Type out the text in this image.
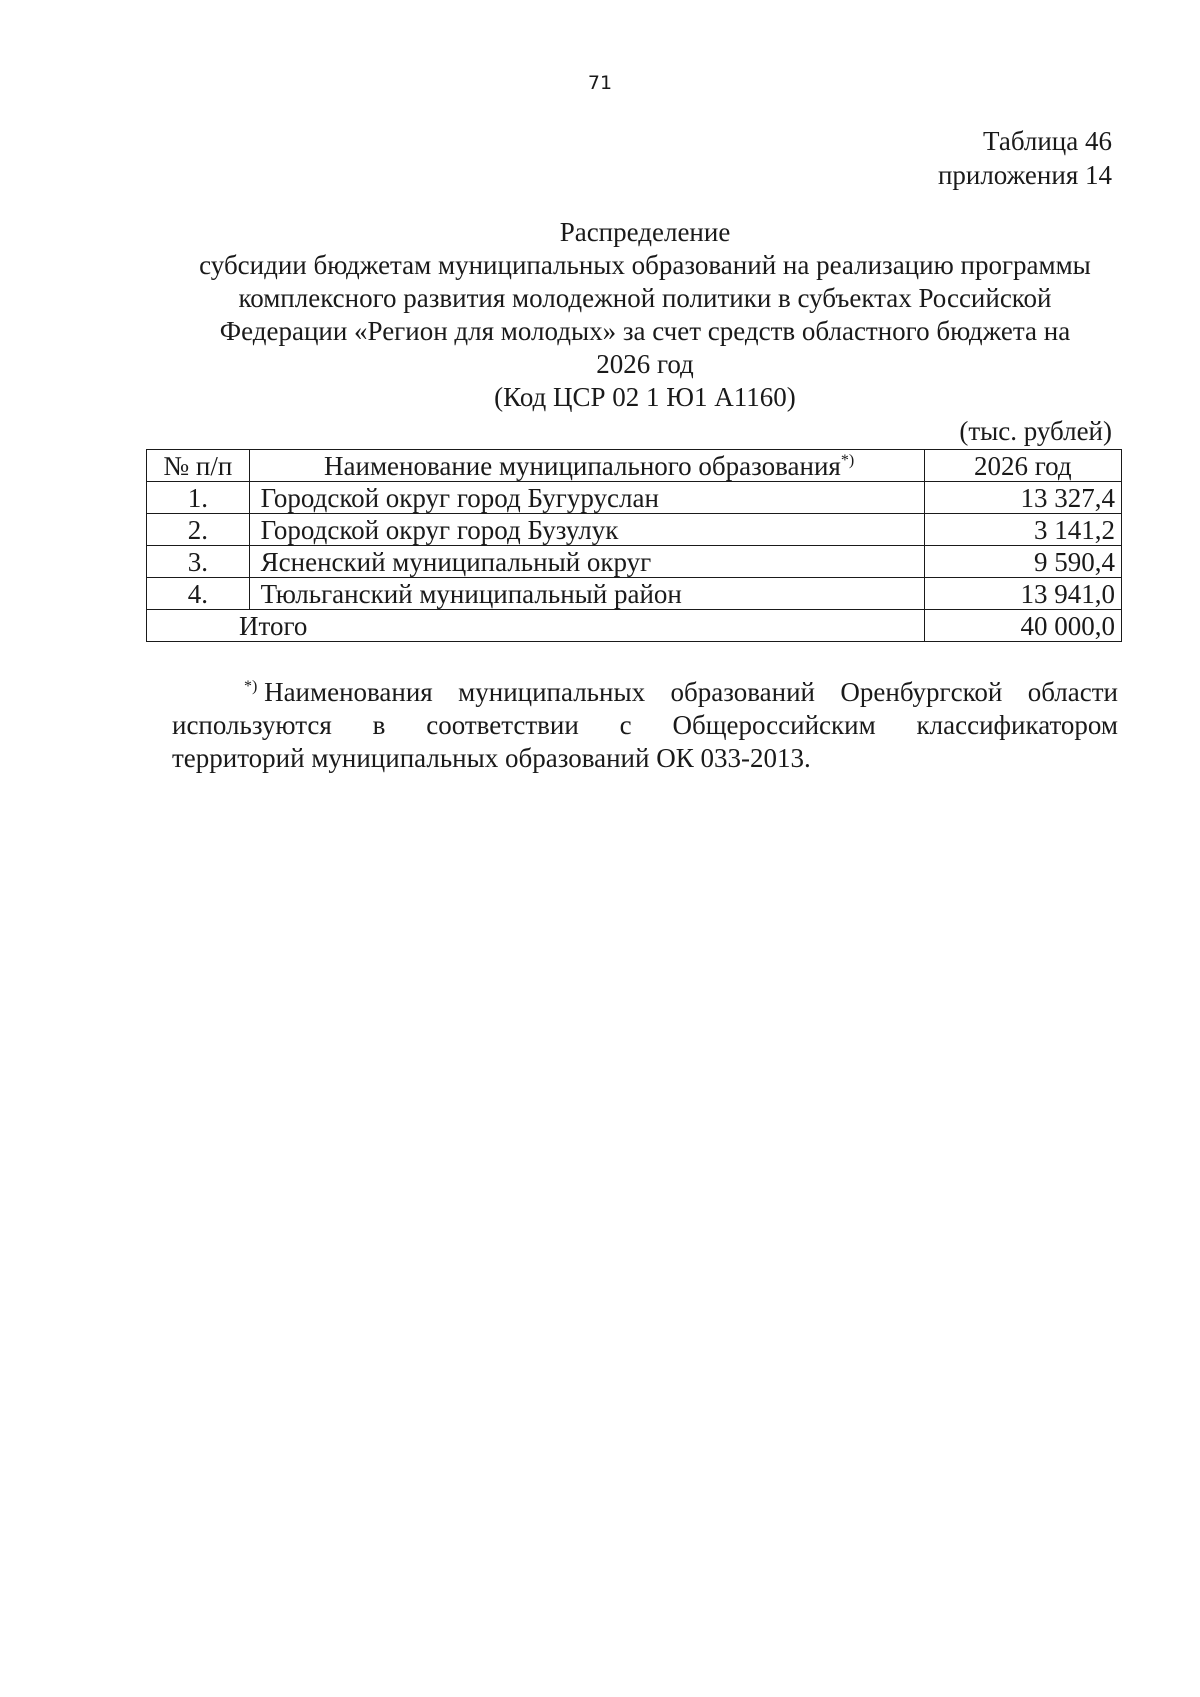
71
Таблица 46
приложения 14
Распределение
субсидии бюджетам муниципальных образований на реализацию программы
комплексного развития молодежной политики в субъектах Российской
Федерации «Регион для молодых» за счет средств областного бюджета на
2026 год
(Код ЦСР 02 1 Ю1 А1160)
(тыс. рублей)
№ п/п	Наименование муниципального образования*)	2026 год
1.	Городской округ город Бугуруслан	13 327,4
2.	Городской округ город Бузулук	3 141,2
3.	Ясненский муниципальный округ	9 590,4
4.	Тюльганский муниципальный район	13 941,0
Итого		40 000,0
*) Наименования муниципальных образований Оренбургской области
используются в соответствии с Общероссийским классификатором
территорий муниципальных образований ОК 033-2013.
